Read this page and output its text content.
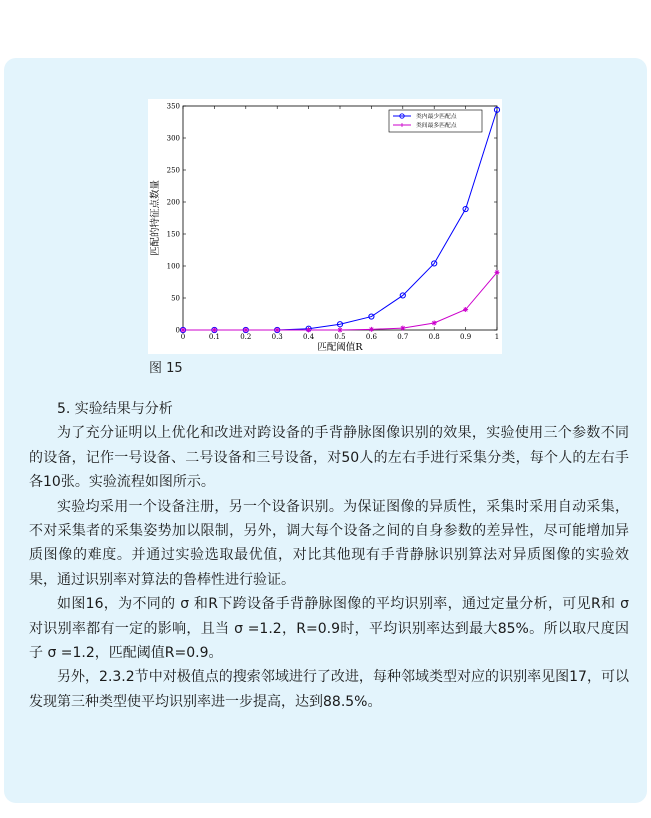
0	0.1	0.2	0.3	0.4	0.5	0.6	0.7	0.8	0.9	1
0
50
100
150
200
250
300
350
匹配阈值R
匹配的特征点数量
类内最少匹配点
类间最多匹配点
图 15

5. 实验结果与分析

为了充分证明以上优化和改进对跨设备的手背静脉图像识别的效果，实验使用三个参数不同的设备，记作一号设备、二号设备和三号设备，对50人的左右手进行采集分类，每个人的左右手各10张。实验流程如图所示。

实验均采用一个设备注册，另一个设备识别。为保证图像的异质性，采集时采用自动采集，不对采集者的采集姿势加以限制，另外，调大每个设备之间的自身参数的差异性，尽可能增加异质图像的难度。并通过实验选取最优值，对比其他现有手背静脉识别算法对异质图像的实验效果，通过识别率对算法的鲁棒性进行验证。

如图16，为不同的 σ 和R下跨设备手背静脉图像的平均识别率，通过定量分析，可见R和 σ 对识别率都有一定的影响，且当 σ =1.2，R=0.9时，平均识别率达到最大85%。所以取尺度因子 σ =1.2，匹配阈值R=0.9。

另外，2.3.2节中对极值点的搜索邻域进行了改进，每种邻域类型对应的识别率见图17，可以发现第三种类型使平均识别率进一步提高，达到88.5%。
